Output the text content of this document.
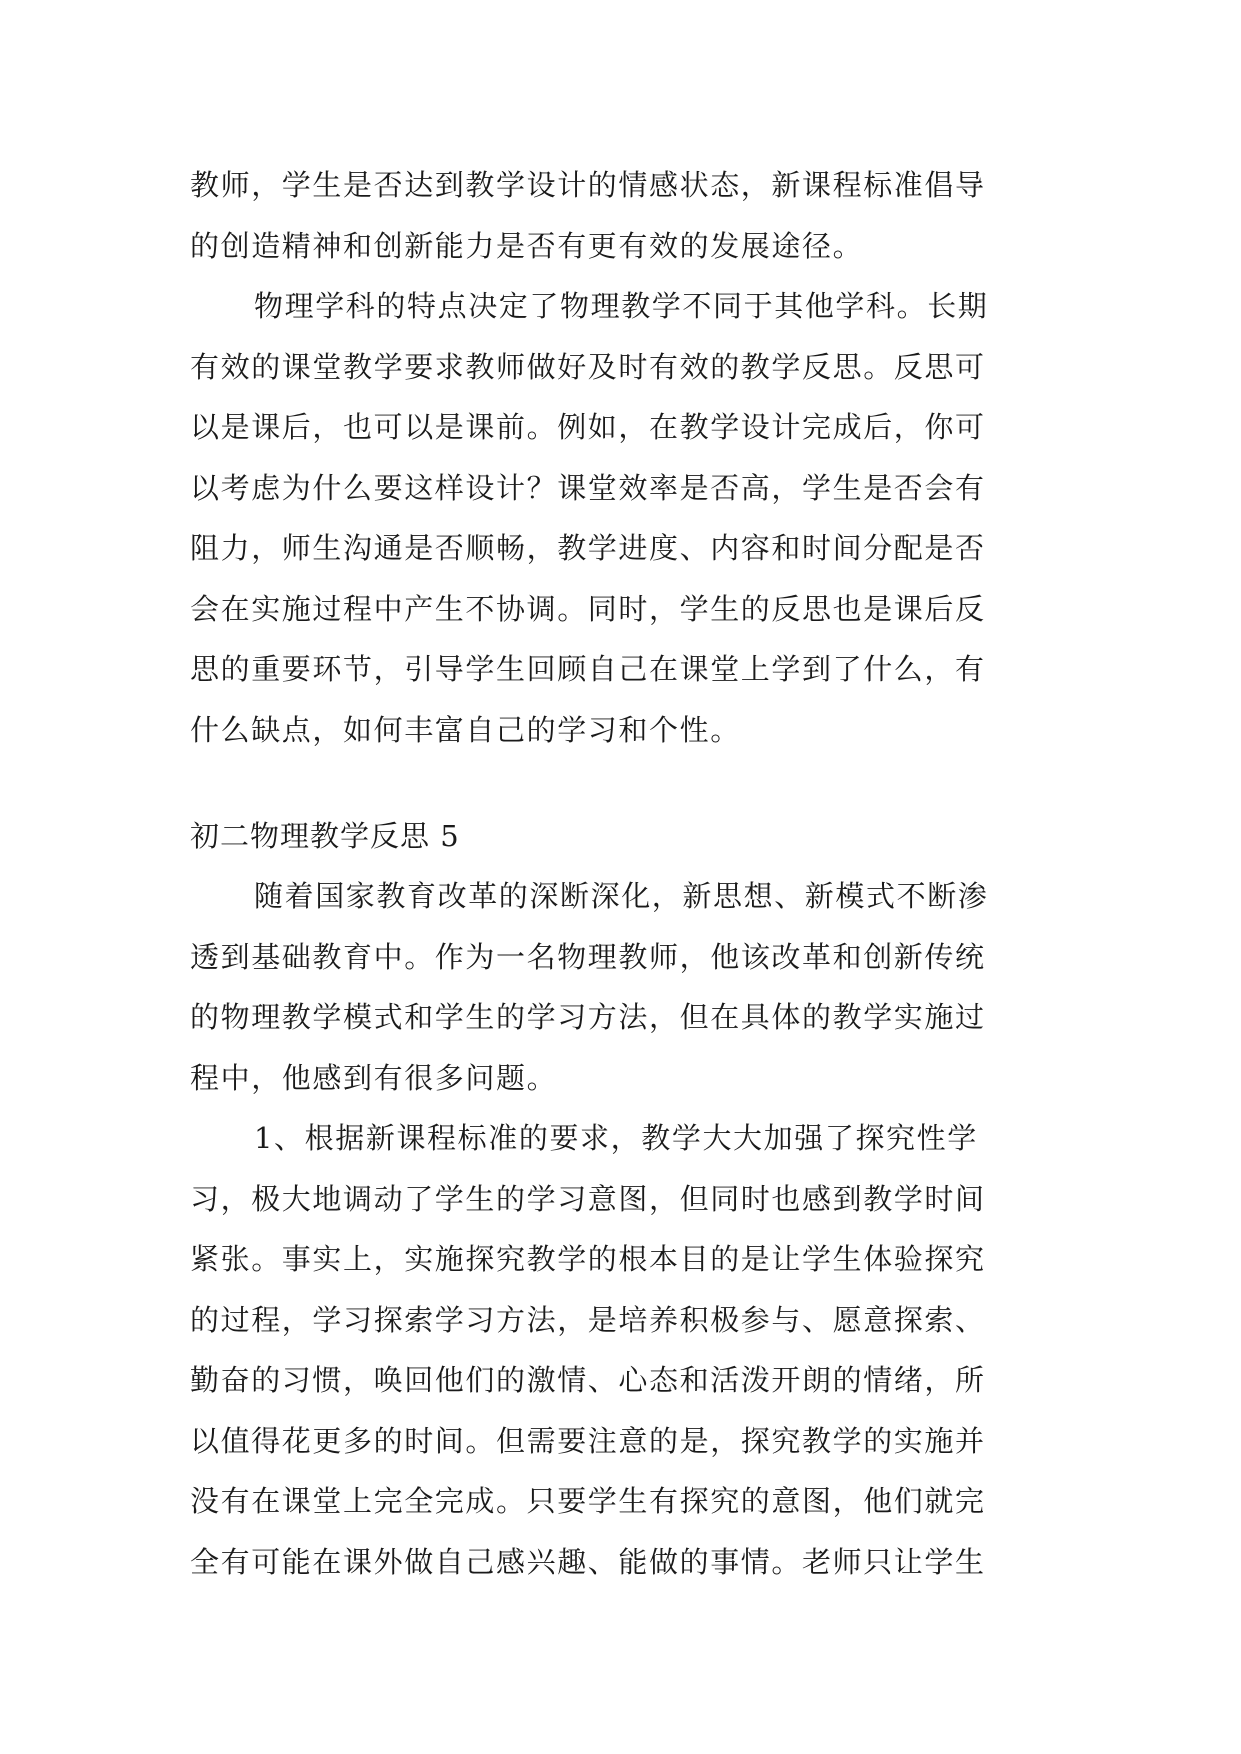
教师，学生是否达到教学设计的情感状态，新课程标准倡导
的创造精神和创新能力是否有更有效的发展途径。
物理学科的特点决定了物理教学不同于其他学科。长期
有效的课堂教学要求教师做好及时有效的教学反思。反思可
以是课后，也可以是课前。例如，在教学设计完成后，你可
以考虑为什么要这样设计？课堂效率是否高，学生是否会有
阻力，师生沟通是否顺畅，教学进度、内容和时间分配是否
会在实施过程中产生不协调。同时，学生的反思也是课后反
思的重要环节，引导学生回顾自己在课堂上学到了什么，有
什么缺点，如何丰富自己的学习和个性。
初二物理教学反思 5
随着国家教育改革的深断深化，新思想、新模式不断渗
透到基础教育中。作为一名物理教师，他该改革和创新传统
的物理教学模式和学生的学习方法，但在具体的教学实施过
程中，他感到有很多问题。
1、根据新课程标准的要求，教学大大加强了探究性学
习，极大地调动了学生的学习意图，但同时也感到教学时间
紧张。事实上，实施探究教学的根本目的是让学生体验探究
的过程，学习探索学习方法，是培养积极参与、愿意探索、
勤奋的习惯，唤回他们的激情、心态和活泼开朗的情绪，所
以值得花更多的时间。但需要注意的是，探究教学的实施并
没有在课堂上完全完成。只要学生有探究的意图，他们就完
全有可能在课外做自己感兴趣、能做的事情。老师只让学生
